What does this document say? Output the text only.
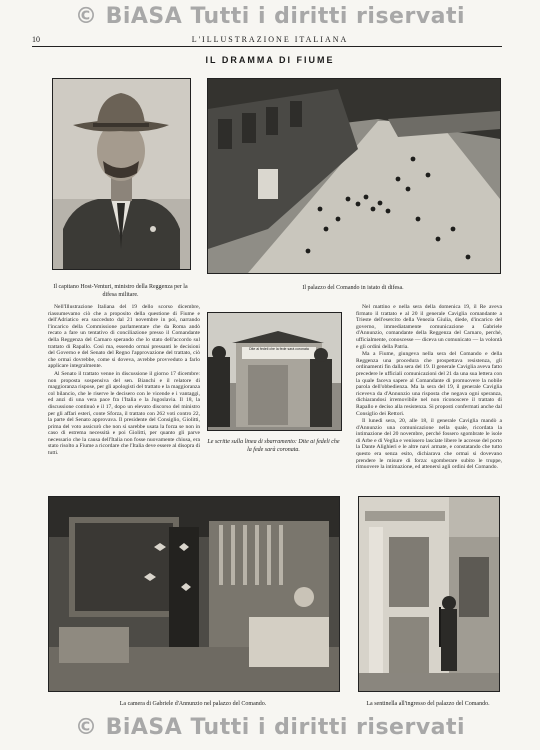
© BiASA Tutti i diritti riservati
10	L'ILLUSTRAZIONE ITALIANA
IL DRAMMA DI FIUME
Il capitano Host-Venturi, ministro della Reggenza per la difesa militare.
Il palazzo del Comando in istato di difesa.

Nell'Illustrazione Italiana del 19 dello scorso dicembre, riassumevamo ciò che a proposito della questione di Fiume e dell'Adriatico era succeduto dal 21 novembre in poi, narrando l'incarico della Commissione parlamentare che da Roma andò recato a fare un tentativo di conciliazione presso il Comandante della Reggenza del Carnaro sperando che lo stato dell'accordo sul trattato di Rapallo. Così ma, essendo ormai pressanti le decisioni del Governo e del Senato del Regno l'approvazione del trattato, ciò che ormai dovrebbe, come si doveva, avrebbe provveduto a farlo applicare integralmente.

Al Senato il trattato venne in discussione il giorno 17 dicembre: non proposta sospensiva del sen. Bianchi e il relatore di maggioranza rispose, per gli apologisti del trattato e la maggioranza col bilancio, che le riserve le decisero con le vicende e i vantaggi, ed anzi di una vera pace fra l'Italia e la Jugoslavia. Il 18, la discussione continuò e il 17, dopo un elevato discorso del ministro per gli affari esteri, conte Sforza, il trattato con 262 voti contro 22, la parte del Senato approvava. Il presidente del Consiglio, Giolitti, prima del voto assicurò che non si sarebbe usata la forza se non in caso di estrema necessità e poi Giolitti, per quanto gli parve necessario che la causa dell'Italia non fosse nuovamente chiusa, era stato risolto a Fiume a ricordare che l'Italia deve essere al disopra di tutti.

Dite ai fedeli che la fede sarà coronata
Le scritte sulla linea di sbarramento: Dite ai fedeli che la fede sarà coronata.

Nel mattino e nella sera della domenica 19, il Re aveva firmato il trattato e al 20 il generale Caviglia comandante a Trieste dell'esercito della Venezia Giulia, diede, d'incarico del governo, immediatamente comunicazione a Gabriele d'Annunzio, comandante della Reggenza del Carnaro, perché, ufficialmente, conoscesse — diceva un comunicato — la volontà e gli ordini della Patria.

Ma a Fiume, giungeva nella sera del Comando e della Reggenza una procedura che prospettava resistenza, gli ordinamenti fin dalla sera del 19. Il generale Caviglia aveva fatto precedere le ufficiali comunicazioni del 21 da una sua lettera con la quale faceva sapere al Comandante di promuovere la nobile parola dell'obbedienza. Ma la sera del 19, il generale Caviglia riceveva da d'Annunzio una risposta che negava ogni speranza, dichiarandosi irremovibile nel non riconoscere il trattato di Rapallo e deciso alla resistenza. Si proposti confermati anche dal Consiglio dei Rettori.

Il lunedì sera, 20, alle 18, il generale Caviglia mandò a d'Annunzio una comunicazione nella quale, ricordata la intimazione del 20 novembre, perché fossero sgombrate le isole di Arbe e di Veglia e venissero lasciate libere le accesse del porto la Dante Alighieri e le altre navi armate, e constatando che tutto questo era senza esito, dichiarava che ormai si dovevano prendere le misure di forza: sgomberare subito le truppe, rimuovere la intimazione, ed attenersi agli ordini del Comando.

La camera di Gabriele d'Annunzio nel palazzo del Comando.	La sentinella all'ingresso del palazzo del Comando.
© BiASA Tutti i diritti riservati
